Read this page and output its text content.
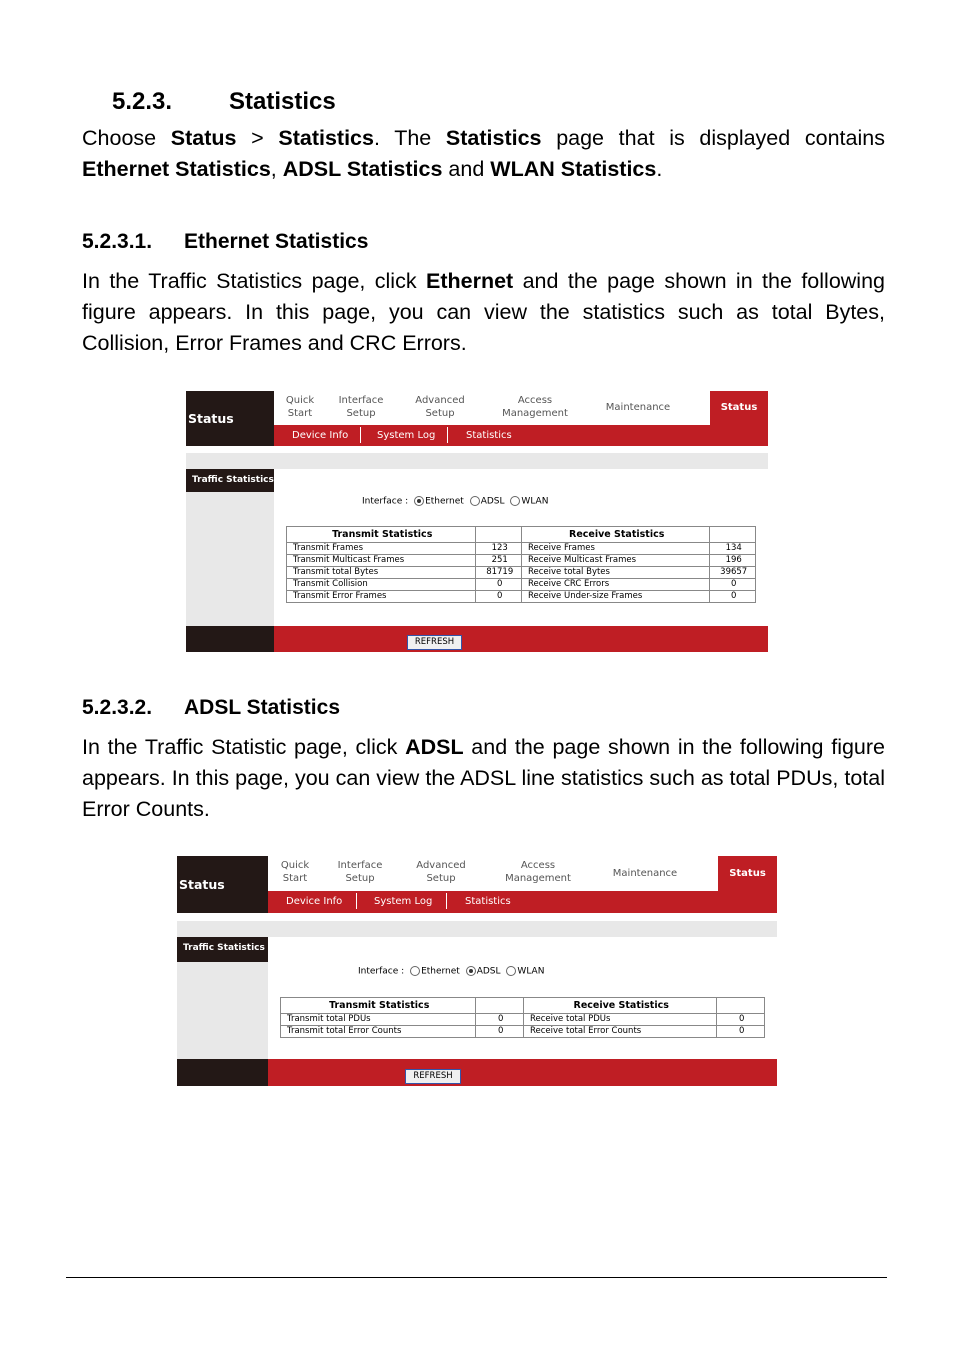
5.2.3. Statistics
Choose Status > Statistics. The Statistics page that is displayed contains Ethernet Statistics, ADSL Statistics and WLAN Statistics.
5.2.3.1. Ethernet Statistics
In the Traffic Statistics page, click Ethernet and the page shown in the following figure appears. In this page, you can view the statistics such as total Bytes, Collision, Error Frames and CRC Errors.
Status
Quick
Start
Interface
Setup
Advanced
Setup
Access
Management
Maintenance	Status
Device Info	System Log	Statistics
Traffic Statistics
Interface : Ethernet ADSL WLAN
Transmit Statistics		Receive Statistics	
Transmit Frames	123	Receive Frames	134
Transmit Multicast Frames	251	Receive Multicast Frames	196
Transmit total Bytes	81719	Receive total Bytes	39657
Transmit Collision	0	Receive CRC Errors	0
Transmit Error Frames	0	Receive Under-size Frames	0
REFRESH
5.2.3.2. ADSL Statistics
In the Traffic Statistic page, click ADSL and the page shown in the following figure appears. In this page, you can view the ADSL line statistics such as total PDUs, total Error Counts.
Status
Quick
Start
Interface
Setup
Advanced
Setup
Access
Management	Maintenance	Status
Device Info	System Log	Statistics
Traffic Statistics
Interface : Ethernet ADSL WLAN
Transmit Statistics		Receive Statistics	
Transmit total PDUs	0	Receive total PDUs	0
Transmit total Error Counts	0	Receive total Error Counts	0
REFRESH
